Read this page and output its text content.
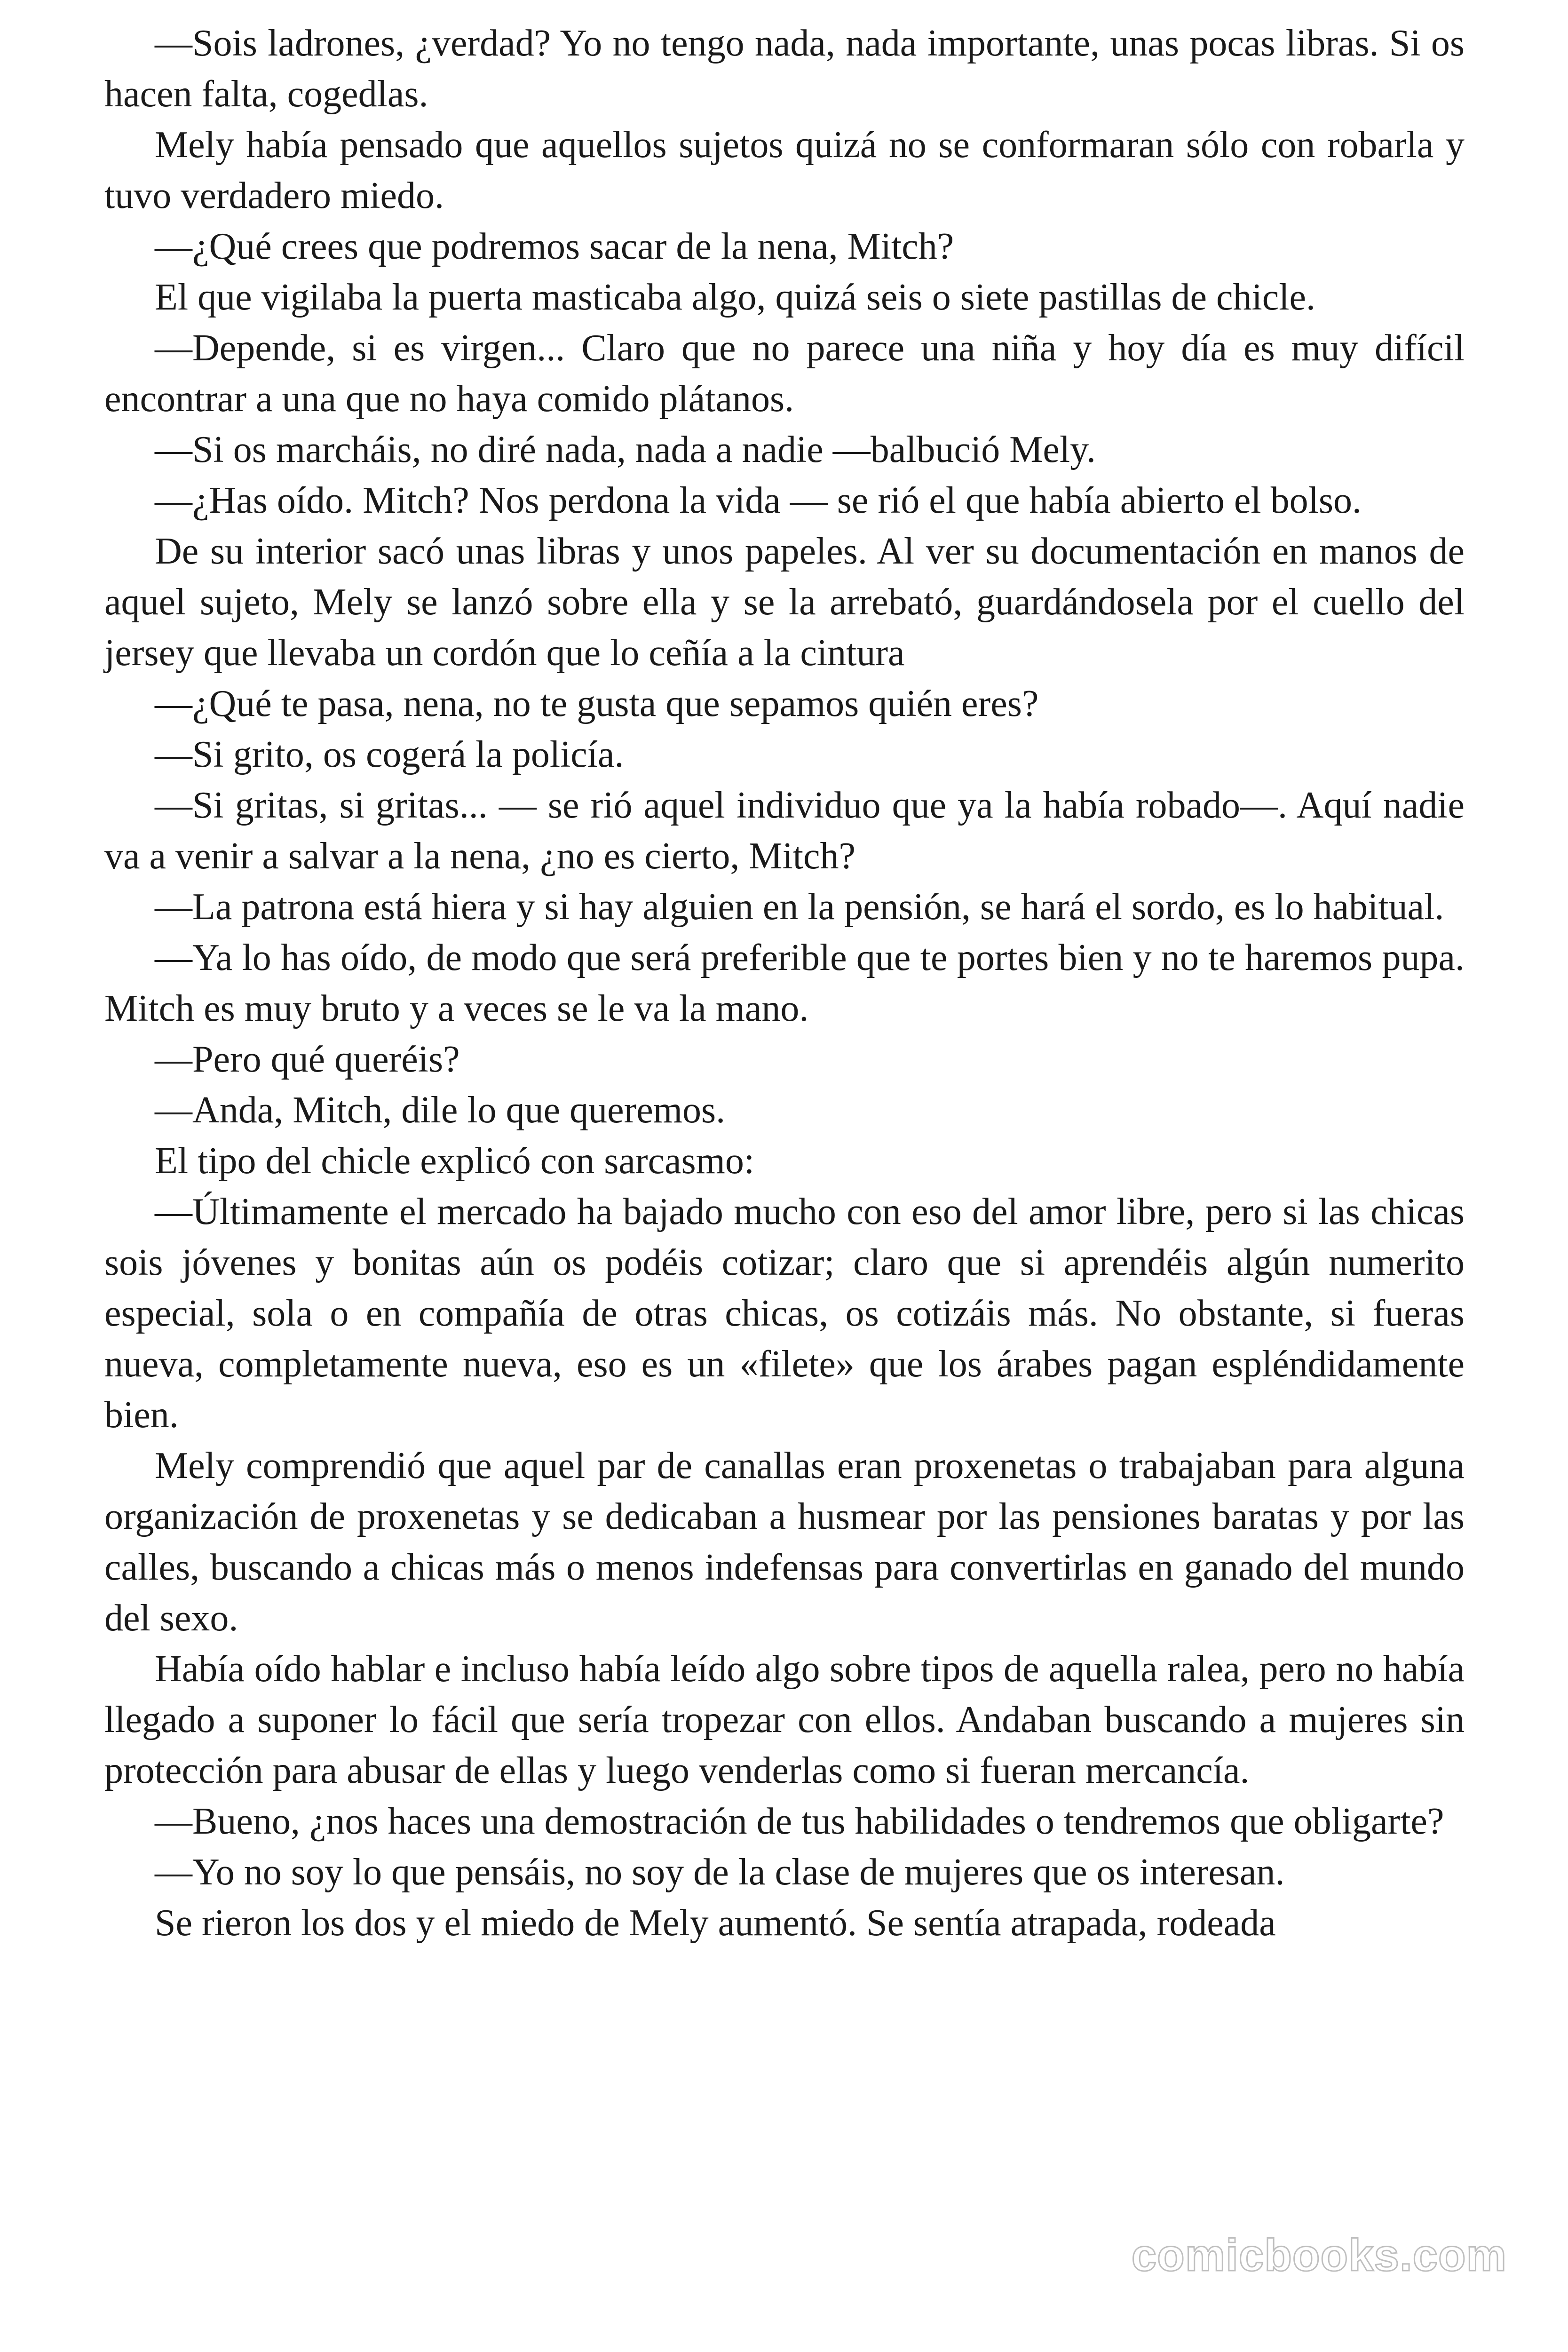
—Sois ladrones, ¿verdad? Yo no tengo nada, nada importante, unas pocas libras. Si os hacen falta, cogedlas.

Mely había pensado que aquellos sujetos quizá no se conformaran sólo con robarla y tuvo verdadero miedo.

—¿Qué crees que podremos sacar de la nena, Mitch?

El que vigilaba la puerta masticaba algo, quizá seis o siete pastillas de chicle.

—Depende, si es virgen... Claro que no parece una niña y hoy día es muy difícil encontrar a una que no haya comido plátanos.

—Si os marcháis, no diré nada, nada a nadie —balbució Mely.

—¿Has oído. Mitch? Nos perdona la vida — se rió el que había abierto el bolso.

De su interior sacó unas libras y unos papeles. Al ver su documentación en manos de aquel sujeto, Mely se lanzó sobre ella y se la arrebató, guardándosela por el cuello del jersey que llevaba un cordón que lo ceñía a la cintura

—¿Qué te pasa, nena, no te gusta que sepamos quién eres?

—Si grito, os cogerá la policía.

—Si gritas, si gritas... — se rió aquel individuo que ya la había robado—. Aquí nadie va a venir a salvar a la nena, ¿no es cierto, Mitch?

—La patrona está hiera y si hay alguien en la pensión, se hará el sordo, es lo habitual.

—Ya lo has oído, de modo que será preferible que te portes bien y no te haremos pupa. Mitch es muy bruto y a veces se le va la mano.

—Pero qué queréis?

—Anda, Mitch, dile lo que queremos.

El tipo del chicle explicó con sarcasmo:

—Últimamente el mercado ha bajado mucho con eso del amor libre, pero si las chicas sois jóvenes y bonitas aún os podéis cotizar; claro que si aprendéis algún numerito especial, sola o en compañía de otras chicas, os cotizáis más. No obstante, si fueras nueva, completamente nueva, eso es un «filete» que los árabes pagan espléndidamente bien.

Mely comprendió que aquel par de canallas eran proxenetas o trabajaban para alguna organización de proxenetas y se dedicaban a husmear por las pensiones baratas y por las calles, buscando a chicas más o menos indefensas para convertirlas en ganado del mundo del sexo.

Había oído hablar e incluso había leído algo sobre tipos de aquella ralea, pero no había llegado a suponer lo fácil que sería tropezar con ellos. Andaban buscando a mujeres sin protección para abusar de ellas y luego venderlas como si fueran mercancía.

—Bueno, ¿nos haces una demostración de tus habilidades o tendremos que obligarte?

—Yo no soy lo que pensáis, no soy de la clase de mujeres que os interesan.

Se rieron los dos y el miedo de Mely aumentó. Se sentía atrapada, rodeada

comicbooks.com
